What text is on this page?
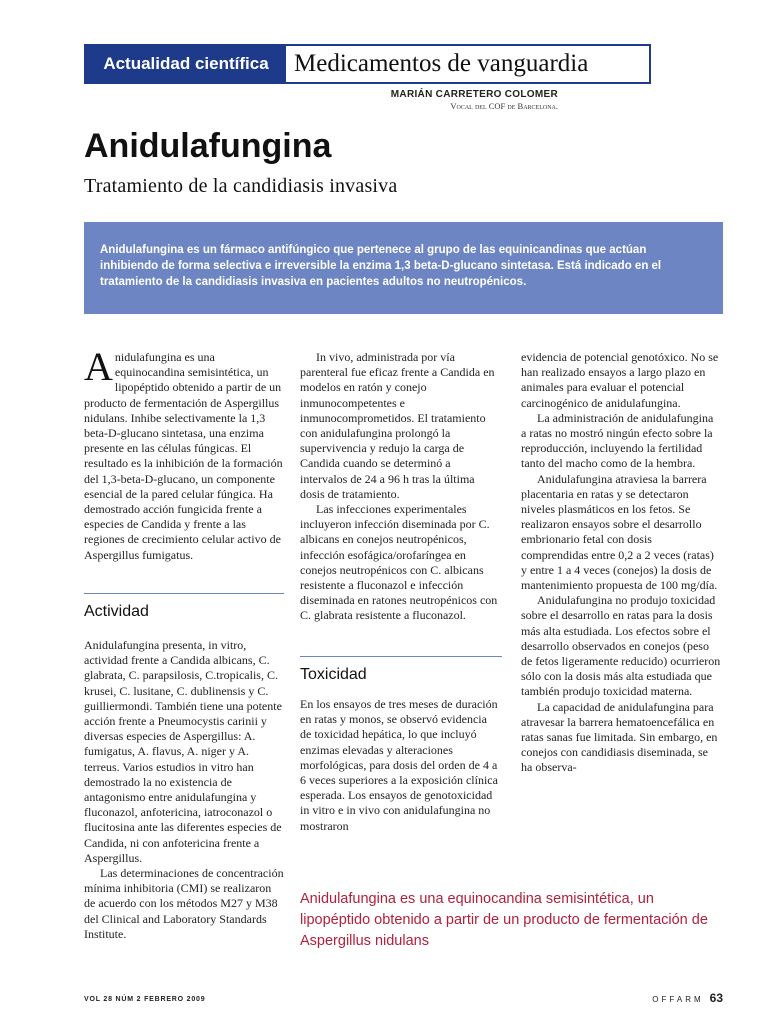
Actualidad científica	Medicamentos de vanguardia
MARIÁN CARRETERO COLOMER
Vocal del COF de Barcelona.
Anidulafungina
Tratamiento de la candidiasis invasiva

Anidulafungina es un fármaco antifúngico que pertenece al grupo de las equinicandinas que actúan inhibiendo de forma selectiva e irreversible la enzima 1,3 beta-D-glucano sintetasa. Está indicado en el tratamiento de la candidiasis invasiva en pacientes adultos no neutropénicos.

Anidulafungina es una equinocandina semisintética, un lipopéptido obtenido a partir de un producto de fermentación de Aspergillus nidulans. Inhibe selectivamente la 1,3 beta-D-glucano sintetasa, una enzima presente en las células fúngicas. El resultado es la inhibición de la formación del 1,3-beta-D-glucano, un componente esencial de la pared celular fúngica. Ha demostrado acción fungicida frente a especies de Candida y frente a las regiones de crecimiento celular activo de Aspergillus fumigatus.

Actividad

Anidulafungina presenta, in vitro, actividad frente a Candida albicans, C. glabrata, C. parapsilosis, C.tropicalis, C. krusei, C. lusitane, C. dublinensis y C. guilliermondi. También tiene una potente acción frente a Pneumocystis carinii y diversas especies de Aspergillus: A. fumigatus, A. flavus, A. niger y A. terreus. Varios estudios in vitro han demostrado la no existencia de antagonismo entre anidulafungina y fluconazol, anfotericina, iatroconazol o flucitosina ante las diferentes especies de Candida, ni con anfotericina frente a Aspergillus.

Las determinaciones de concentración mínima inhibitoria (CMI) se realizaron de acuerdo con los métodos M27 y M38 del Clinical and Laboratory Standards Institute.

In vivo, administrada por vía parenteral fue eficaz frente a Candida en modelos en ratón y conejo inmunocompetentes e inmunocomprometidos. El tratamiento con anidulafungina prolongó la supervivencia y redujo la carga de Candida cuando se determinó a intervalos de 24 a 96 h tras la última dosis de tratamiento.

Las infecciones experimentales incluyeron infección diseminada por C. albicans en conejos neutropénicos, infección esofágica/orofaríngea en conejos neutropénicos con C. albicans resistente a fluconazol e infección diseminada en ratones neutropénicos con C. glabrata resistente a fluconazol.

Toxicidad

En los ensayos de tres meses de duración en ratas y monos, se observó evidencia de toxicidad hepática, lo que incluyó enzimas elevadas y alteraciones morfológicas, para dosis del orden de 4 a 6 veces superiores a la exposición clínica esperada. Los ensayos de genotoxicidad in vitro e in vivo con anidulafungina no mostraron

evidencia de potencial genotóxico. No se han realizado ensayos a largo plazo en animales para evaluar el potencial carcinogénico de anidulafungina.

La administración de anidulafungina a ratas no mostró ningún efecto sobre la reproducción, incluyendo la fertilidad tanto del macho como de la hembra.

Anidulafungina atraviesa la barrera placentaria en ratas y se detectaron niveles plasmáticos en los fetos. Se realizaron ensayos sobre el desarrollo embrionario fetal con dosis comprendidas entre 0,2 a 2 veces (ratas) y entre 1 a 4 veces (conejos) la dosis de mantenimiento propuesta de 100 mg/día.

Anidulafungina no produjo toxicidad sobre el desarrollo en ratas para la dosis más alta estudiada. Los efectos sobre el desarrollo observados en conejos (peso de fetos ligeramente reducido) ocurrieron sólo con la dosis más alta estudiada que también produjo toxicidad materna.

La capacidad de anidulafungina para atravesar la barrera hematoencefálica en ratas sanas fue limitada. Sin embargo, en conejos con candidiasis diseminada, se ha observa-

Anidulafungina es una equinocandina semisintética, un lipopéptido obtenido a partir de un producto de fermentación de Aspergillus nidulans
VOL 28 NÚM 2 FEBRERO 2009	OFFARM 63
